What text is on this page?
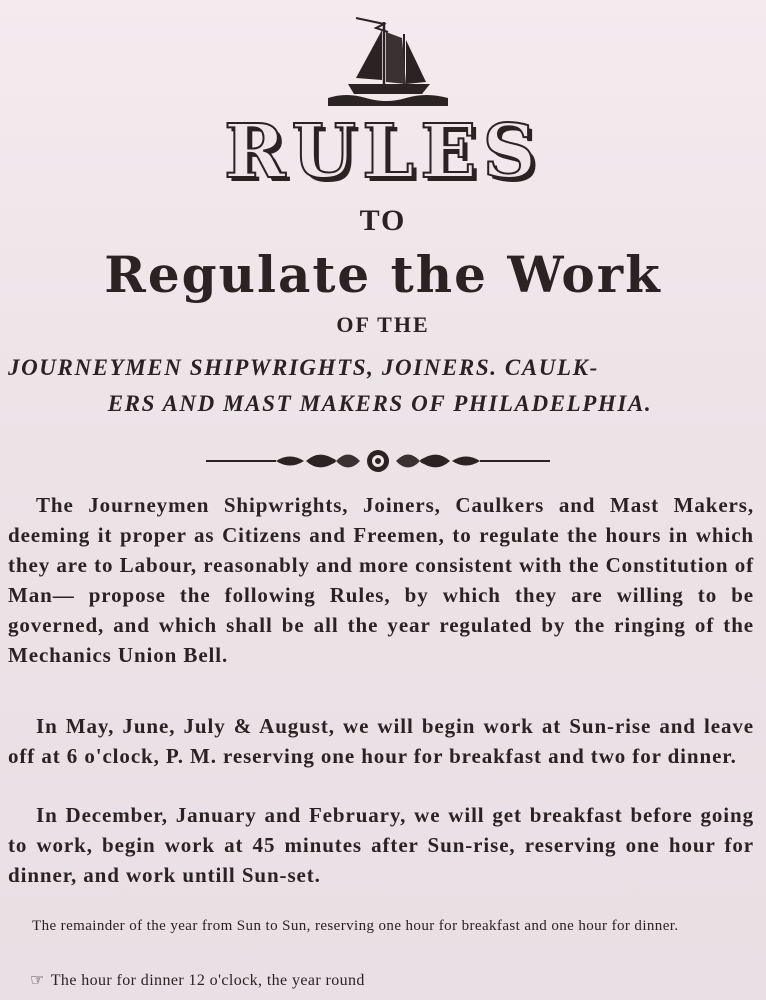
RULES
TO
Regulate the Work
OF THE
JOURNEYMEN SHIPWRIGHTS, JOINERS. CAULK-
ERS AND MAST MAKERS OF PHILADELPHIA.
The Journeymen Shipwrights, Joiners, Caulkers and Mast Makers, deeming it proper as Citizens and Freemen, to regulate the hours in which they are to Labour, reasonably and more consistent with the Constitution of Man— propose the following Rules, by which they are willing to be governed, and which shall be all the year regulated by the ringing of the Mechanics Union Bell.
In May, June, July & August, we will begin work at Sun-rise and leave off at 6 o'clock, P. M. reserving one hour for breakfast and two for dinner.
In December, January and February, we will get breakfast before going to work, begin work at 45 minutes after Sun-rise, reserving one hour for dinner, and work untill Sun-set.
The remainder of the year from Sun to Sun, reserving one hour for breakfast and one hour for dinner.
☞ The hour for dinner 12 o'clock, the year round
